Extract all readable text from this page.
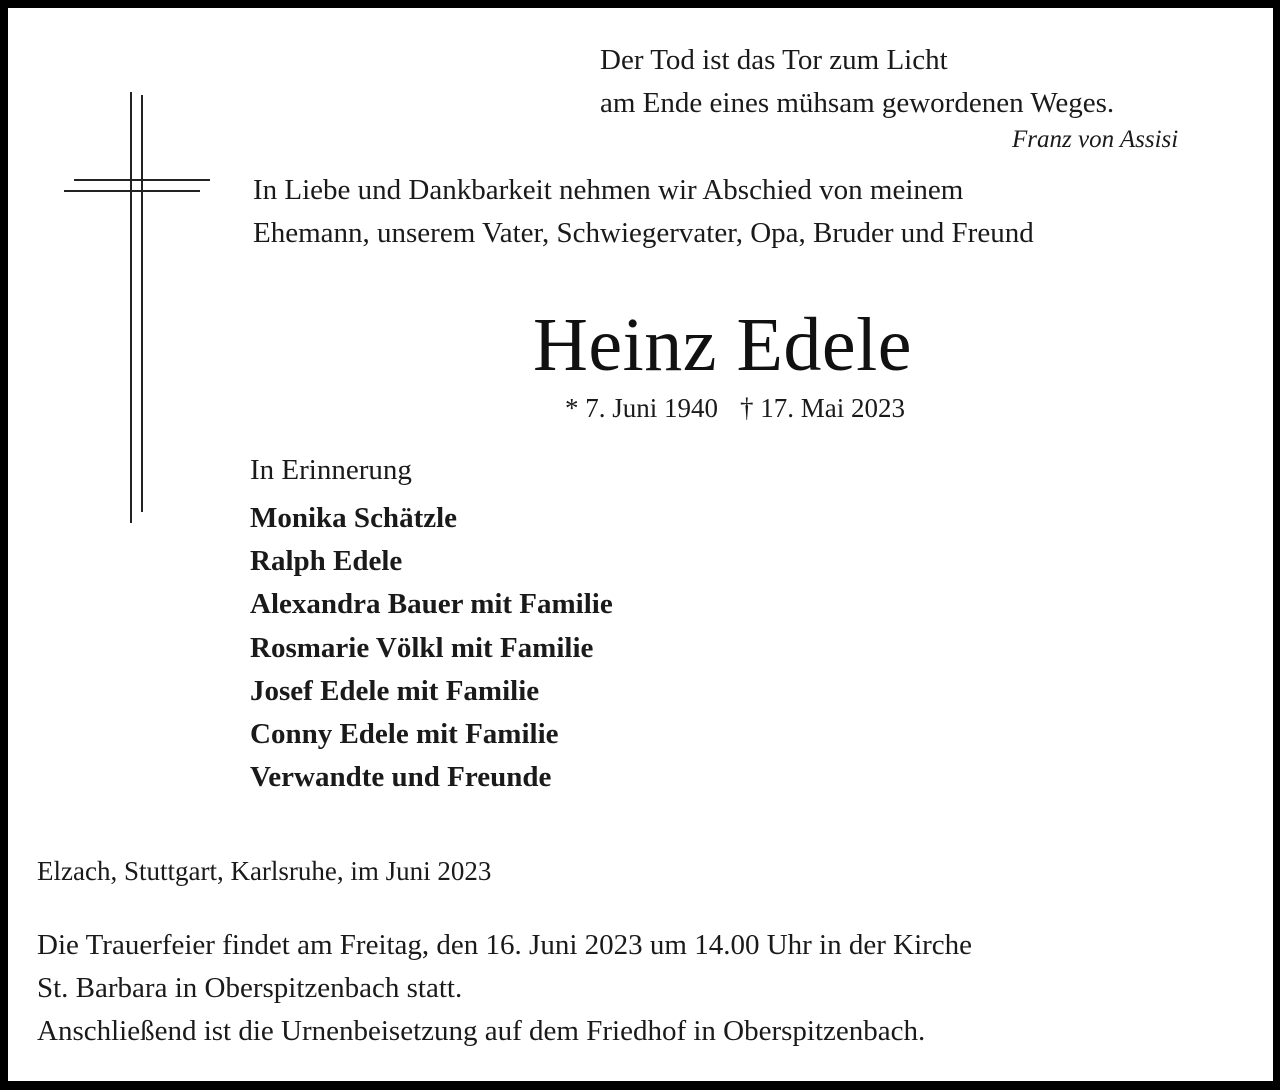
Der Tod ist das Tor zum Licht
am Ende eines mühsam gewordenen Weges.
Franz von Assisi
In Liebe und Dankbarkeit nehmen wir Abschied von meinem
Ehemann, unserem Vater, Schwiegervater, Opa, Bruder und Freund
Heinz Edele
* 7. Juni 1940 † 17. Mai 2023
In Erinnerung
Monika Schätzle
Ralph Edele
Alexandra Bauer mit Familie
Rosmarie Völkl mit Familie
Josef Edele mit Familie
Conny Edele mit Familie
Verwandte und Freunde
Elzach, Stuttgart, Karlsruhe, im Juni 2023
Die Trauerfeier findet am Freitag, den 16. Juni 2023 um 14.00 Uhr in der Kirche
St. Barbara in Oberspitzenbach statt.
Anschließend ist die Urnenbeisetzung auf dem Friedhof in Oberspitzenbach.
